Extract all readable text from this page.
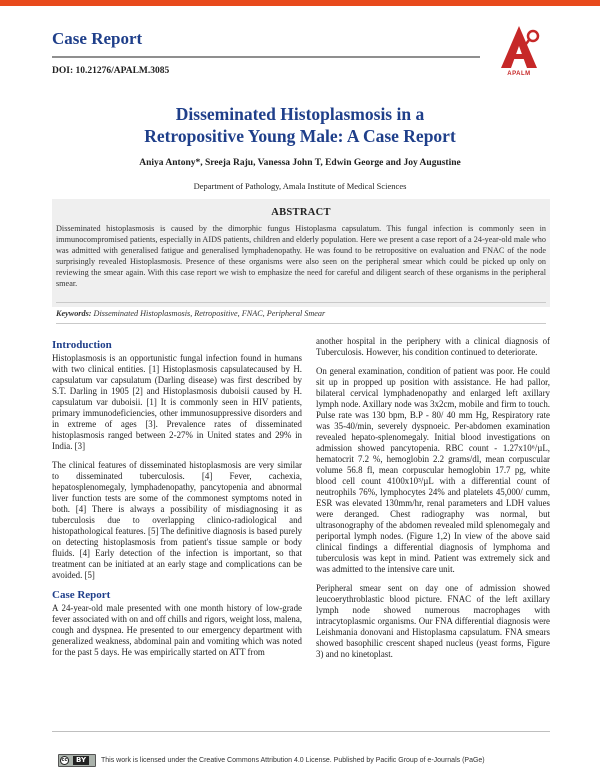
Case Report
DOI: 10.21276/APALM.3085	APALM
Disseminated Histoplasmosis in a
Retropositive Young Male: A Case Report
Aniya Antony*, Sreeja Raju, Vanessa John T, Edwin George and Joy Augustine
Department of Pathology, Amala Institute of Medical Sciences
ABSTRACT
Disseminated histoplasmosis is caused by the dimorphic fungus Histoplasma capsulatum. This fungal infection is commonly seen in immunocompromised patients, especially in AIDS patients, children and elderly population. Here we present a case report of a 24-year-old male who was admitted with generalised fatigue and generalised lymphadenopathy. He was found to be retropositive on evaluation and FNAC of the node surprisingly revealed Histoplasmosis. Presence of these organisms were also seen on the peripheral smear which could be picked up only on reviewing the smear again. With this case report we wish to emphasize the need for careful and diligent search of these organisms in the peripheral smear.
Keywords: Disseminated Histoplasmosis, Retropositive, FNAC, Peripheral Smear
Introduction

Histoplasmosis is an opportunistic fungal infection found in humans with two clinical entities. [1] Histoplasmosis capsulatecaused by H. capsulatum var capsulatum (Darling disease) was first described by S.T. Darling in 1905 [2] and Histoplasmosis duboisii caused by H. capsulatum var duboisii. [1] It is commonly seen in HIV patients, primary immunodeficiencies, other immunosuppressive disorders and in extreme of ages [3]. Prevalence rates of disseminated histoplasmosis ranged between 2-27% in United states and 29% in India. [3]

The clinical features of disseminated histoplasmosis are very similar to disseminated tuberculosis. [4] Fever, cachexia, hepatosplenomegaly, lymphadenopathy, pancytopenia and abnormal liver function tests are some of the commonest symptoms noted in both. [4] There is always a possibility of misdiagnosing it as tuberculosis due to overlapping clinico-radiological and histopathological features. [5] The definitive diagnosis is based purely on detecting histoplasmosis from patient's tissue sample or body fluids. [4] Early detection of the infection is important, so that treatment can be initiated at an early stage and complications can be avoided. [5]

Case Report

A 24-year-old male presented with one month history of low-grade fever associated with on and off chills and rigors, weight loss, malena, cough and dyspnea. He presented to our emergency department with generalized weakness, abdominal pain and vomiting which was noted for the past 5 days. He was empirically started on ATT from

another hospital in the periphery with a clinical diagnosis of Tuberculosis. However, his condition continued to deteriorate.

On general examination, condition of patient was poor. He could sit up in propped up position with assistance. He had pallor, bilateral cervical lymphadenopathy and enlarged left axillary lymph node. Axillary node was 3x2cm, mobile and firm to touch. Pulse rate was 130 bpm, B.P - 80/ 40 mm Hg, Respiratory rate was 35-40/min, severely dyspnoeic. Per-abdomen examination revealed hepato-splenomegaly. Initial blood investigations on admission showed pancytopenia. RBC count - 1.27x10⁶/µL, hematocrit 7.2 %, hemoglobin 2.2 grams/dl, mean corpuscular volume 56.8 fl, mean corpuscular hemoglobin 17.7 pg, white blood cell count 4100x10³/µL with a differential count of neutrophils 76%, lymphocytes 24% and platelets 45,000/ cumm, ESR was elevated 130mm/hr, renal parameters and LDH values were deranged. Chest radiography was normal, but ultrasonography of the abdomen revealed mild splenomegaly and periportal lymph nodes. (Figure 1,2) In view of the above said clinical findings a differential diagnosis of lymphoma and tuberculosis was kept in mind. Patient was extremely sick and was admitted to the intensive care unit.

Peripheral smear sent on day one of admission showed leucoerythroblastic blood picture. FNAC of the left axillary lymph node showed numerous macrophages with intracytoplasmic organisms. Our FNA differential diagnosis were Leishmania donovani and Histoplasma capsulatum. FNA smears showed basophilic crescent shaped nucleus (yeast forms, Figure 3) and no kinetoplast.

cc	BY	This work is licensed under the Creative Commons Attribution 4.0 License. Published by Pacific Group of e-Journals (PaGe)
